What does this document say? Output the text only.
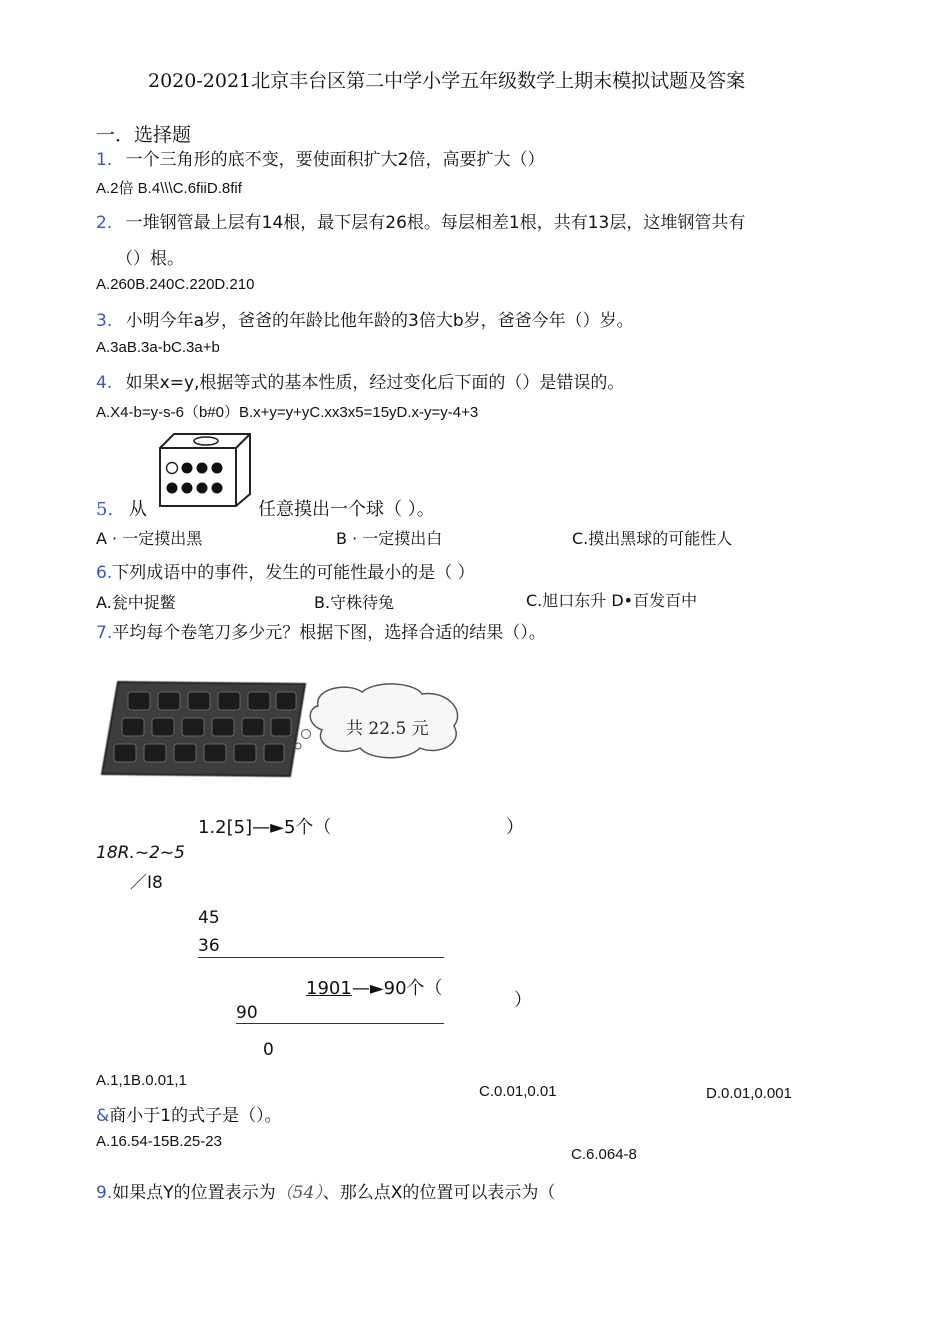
2020-2021北京丰台区第二中学小学五年级数学上期末模拟试题及答案
一．选择题
1. 一个三角形的底不变，要使面积扩大2倍，高要扩大（）
A.2倍 B.4\\\C.6fiiD.8fif
2. 一堆钢管最上层有14根，最下层有26根。每层相差1根，共有13层，这堆钢管共有
（）根。
A.260B.240C.220D.210
3. 小明今年a岁，爸爸的年龄比他年龄的3倍大b岁，爸爸今年（）岁。
A.3aB.3a-bC.3a+b
4. 如果x=y,根据等式的基本性质，经过变化后下面的（）是错误的。
A.X4-b=y-s-6（b#0）B.x+y=y+yC.xx3x5=15yD.x-y=y-4+3
5. 从	任意摸出一个球（ ）。
A · 一定摸出黑	B · 一定摸出白	C.摸出黑球的可能性人
6.下列成语中的事件，发生的可能性最小的是（ ）
A.瓮中捉鳖	B.守株待兔	C.旭口东升 D•百发百中
7.平均每个卷笔刀多少元？根据下图，选择合适的结果（）。
共 22.5 元
1.2[5]—►5个（	）
18R.~2~5
／I8
45
36
1901—►90个（
）
90
0
A.1,1B.0.01,1
C.0.01,0.01	D.0.01,0.001
&商小于1的式子是（）。
A.16.54-15B.25-23
C.6.064-8
9.如果点Y的位置表示为（54）、那么点X的位置可以表示为（
